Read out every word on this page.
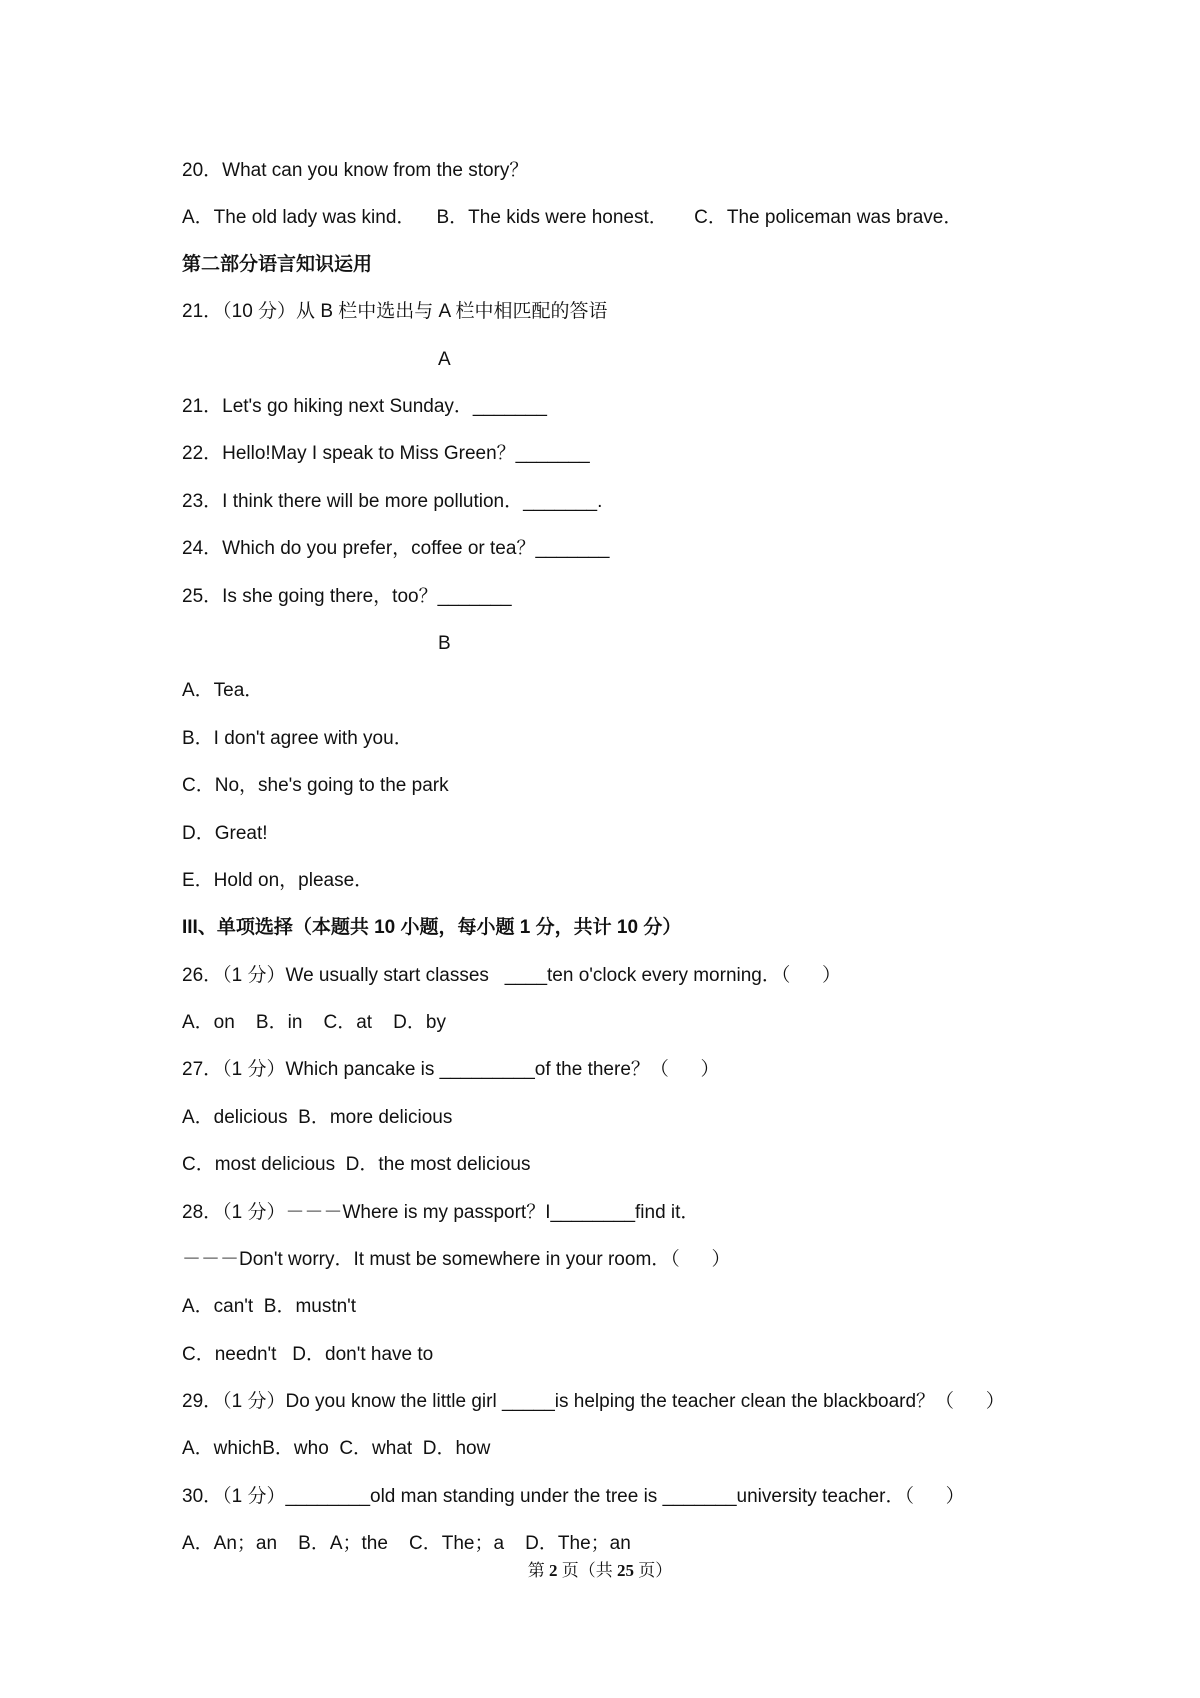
20．What can you know from the story？
A．The old lady was kind．    B．The kids were honest．     C．The policeman was brave．
第二部分语言知识运用
21．（10 分）从 B 栏中选出与 A 栏中相匹配的答语
A
21．Let's go hiking next Sunday．_______
22．Hello!May I speak to Miss Green？_______
23．I think there will be more pollution．_______.
24．Which do you prefer，coffee or tea？_______
25．Is she going there，too？_______
B
A．Tea．
B．I don't agree with you．
C．No，she's going to the park
D．Great!
E．Hold on，please．
III、单项选择（本题共 10 小题，每小题 1 分，共计 10 分）
26．（1 分）We usually start classes   ____ten o'clock every morning．（      ）
A．on    B．in    C．at    D．by
27．（1 分）Which pancake is _________of the there？（      ）
A．delicious  B．more delicious
C．most delicious  D．the most delicious
28．（1 分）－－－Where is my passport？I________find it．
－－－Don't worry．It must be somewhere in your room．（      ）
A．can't  B．mustn't
C．needn't   D．don't have to
29．（1 分）Do you know the little girl _____is helping the teacher clean the blackboard？（      ）
A．whichB．who  C．what  D．how
30．（1 分）________old man standing under the tree is _______university teacher．（      ）
A．An；an    B．A；the    C．The；a    D．The；an
第 2 页（共 25 页）
